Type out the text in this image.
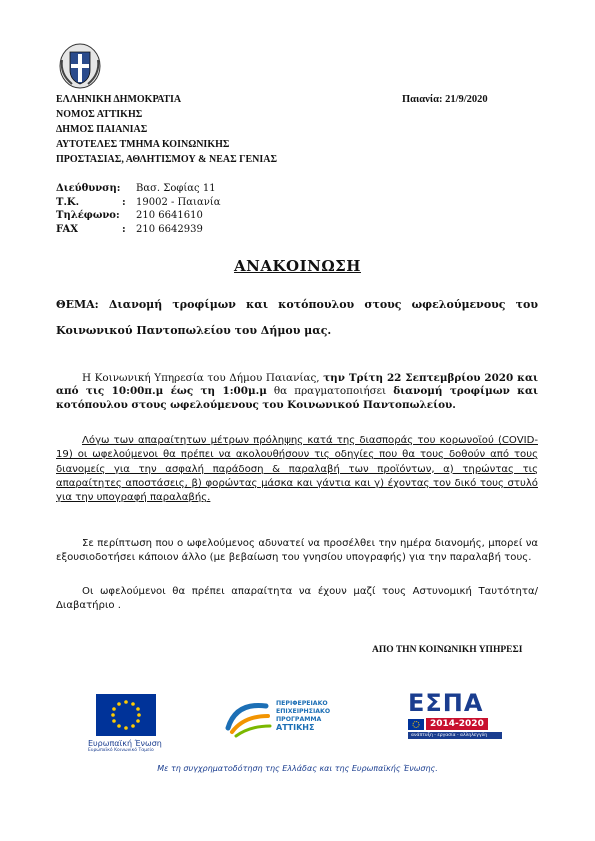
ΕΛΛΗΝΙΚΗ ΔΗΜΟΚΡΑΤΙΑ
ΝΟΜΟΣ ΑΤΤΙΚΗΣ
ΔΗΜΟΣ ΠΑΙΑΝΙΑΣ
ΑΥΤΟΤΕΛΕΣ ΤΜΗΜΑ ΚΟΙΝΩΝΙΚΗΣ
ΠΡΟΣΤΑΣΙΑΣ, ΑΘΛΗΤΙΣΜΟΥ & ΝΕΑΣ ΓΕΝΙΑΣ
Παιανία: 21/9/2020
Διεύθυνση: Βασ. Σοφίας 11
Τ.Κ.	:	19002 - Παιανία
Τηλέφωνο: 210 6641610
FAX	:	210 6642939
ΑΝΑΚΟΙΝΩΣΗ
ΘΕΜΑ: Διανομή τροφίμων και κοτόπουλου στους ωφελούμενους του Κοινωνικού Παντοπωλείου του Δήμου μας.
Η Κοινωνική Υπηρεσία του Δήμου Παιανίας, την Τρίτη 22 Σεπτεμβρίου 2020 και από τις 10:00π.μ έως τη 1:00μ.μ θα πραγματοποιήσει διανομή τροφίμων και κοτόπουλου στους ωφελούμενους του Κοινωνικού Παντοπωλείου.
Λόγω των απαραίτητων μέτρων πρόληψης κατά της διασποράς του κορωνοϊού (COVID-19) οι ωφελούμενοι θα πρέπει να ακολουθήσουν τις οδηγίες που θα τους δοθούν από τους διανομείς για την ασφαλή παράδοση & παραλαβή των προϊόντων, α) τηρώντας τις απαραίτητες αποστάσεις, β) φορώντας μάσκα και γάντια και γ) έχοντας τον δικό τους στυλό για την υπογραφή παραλαβής.
Σε περίπτωση που ο ωφελούμενος αδυνατεί να προσέλθει την ημέρα διανομής, μπορεί να εξουσιοδοτήσει κάποιον άλλο (με βεβαίωση του γνησίου υπογραφής) για την παραλαβή τους.
Οι ωφελούμενοι θα πρέπει απαραίτητα να έχουν μαζί τους Αστυνομική Ταυτότητα/Διαβατήριο .
ΑΠΟ ΤΗΝ ΚΟΙΝΩΝΙΚΗ ΥΠΗΡΕΣΙ
Ευρωπαϊκή Ένωση
Ευρωπαϊκό Κοινωνικό Ταμείο
ΠΕΡΙΦΕΡΕΙΑΚΟ
ΕΠΙΧΕΙΡΗΣΙΑΚΟ
ΠΡΟΓΡΑΜΜΑ
ΑΤΤΙΚΗΣ
ΕΣΠΑ
2014-2020
ανάπτυξη - εργασία - αλληλεγγύη
Με τη συγχρηματοδότηση της Ελλάδας και της Ευρωπαϊκής Ένωσης.
